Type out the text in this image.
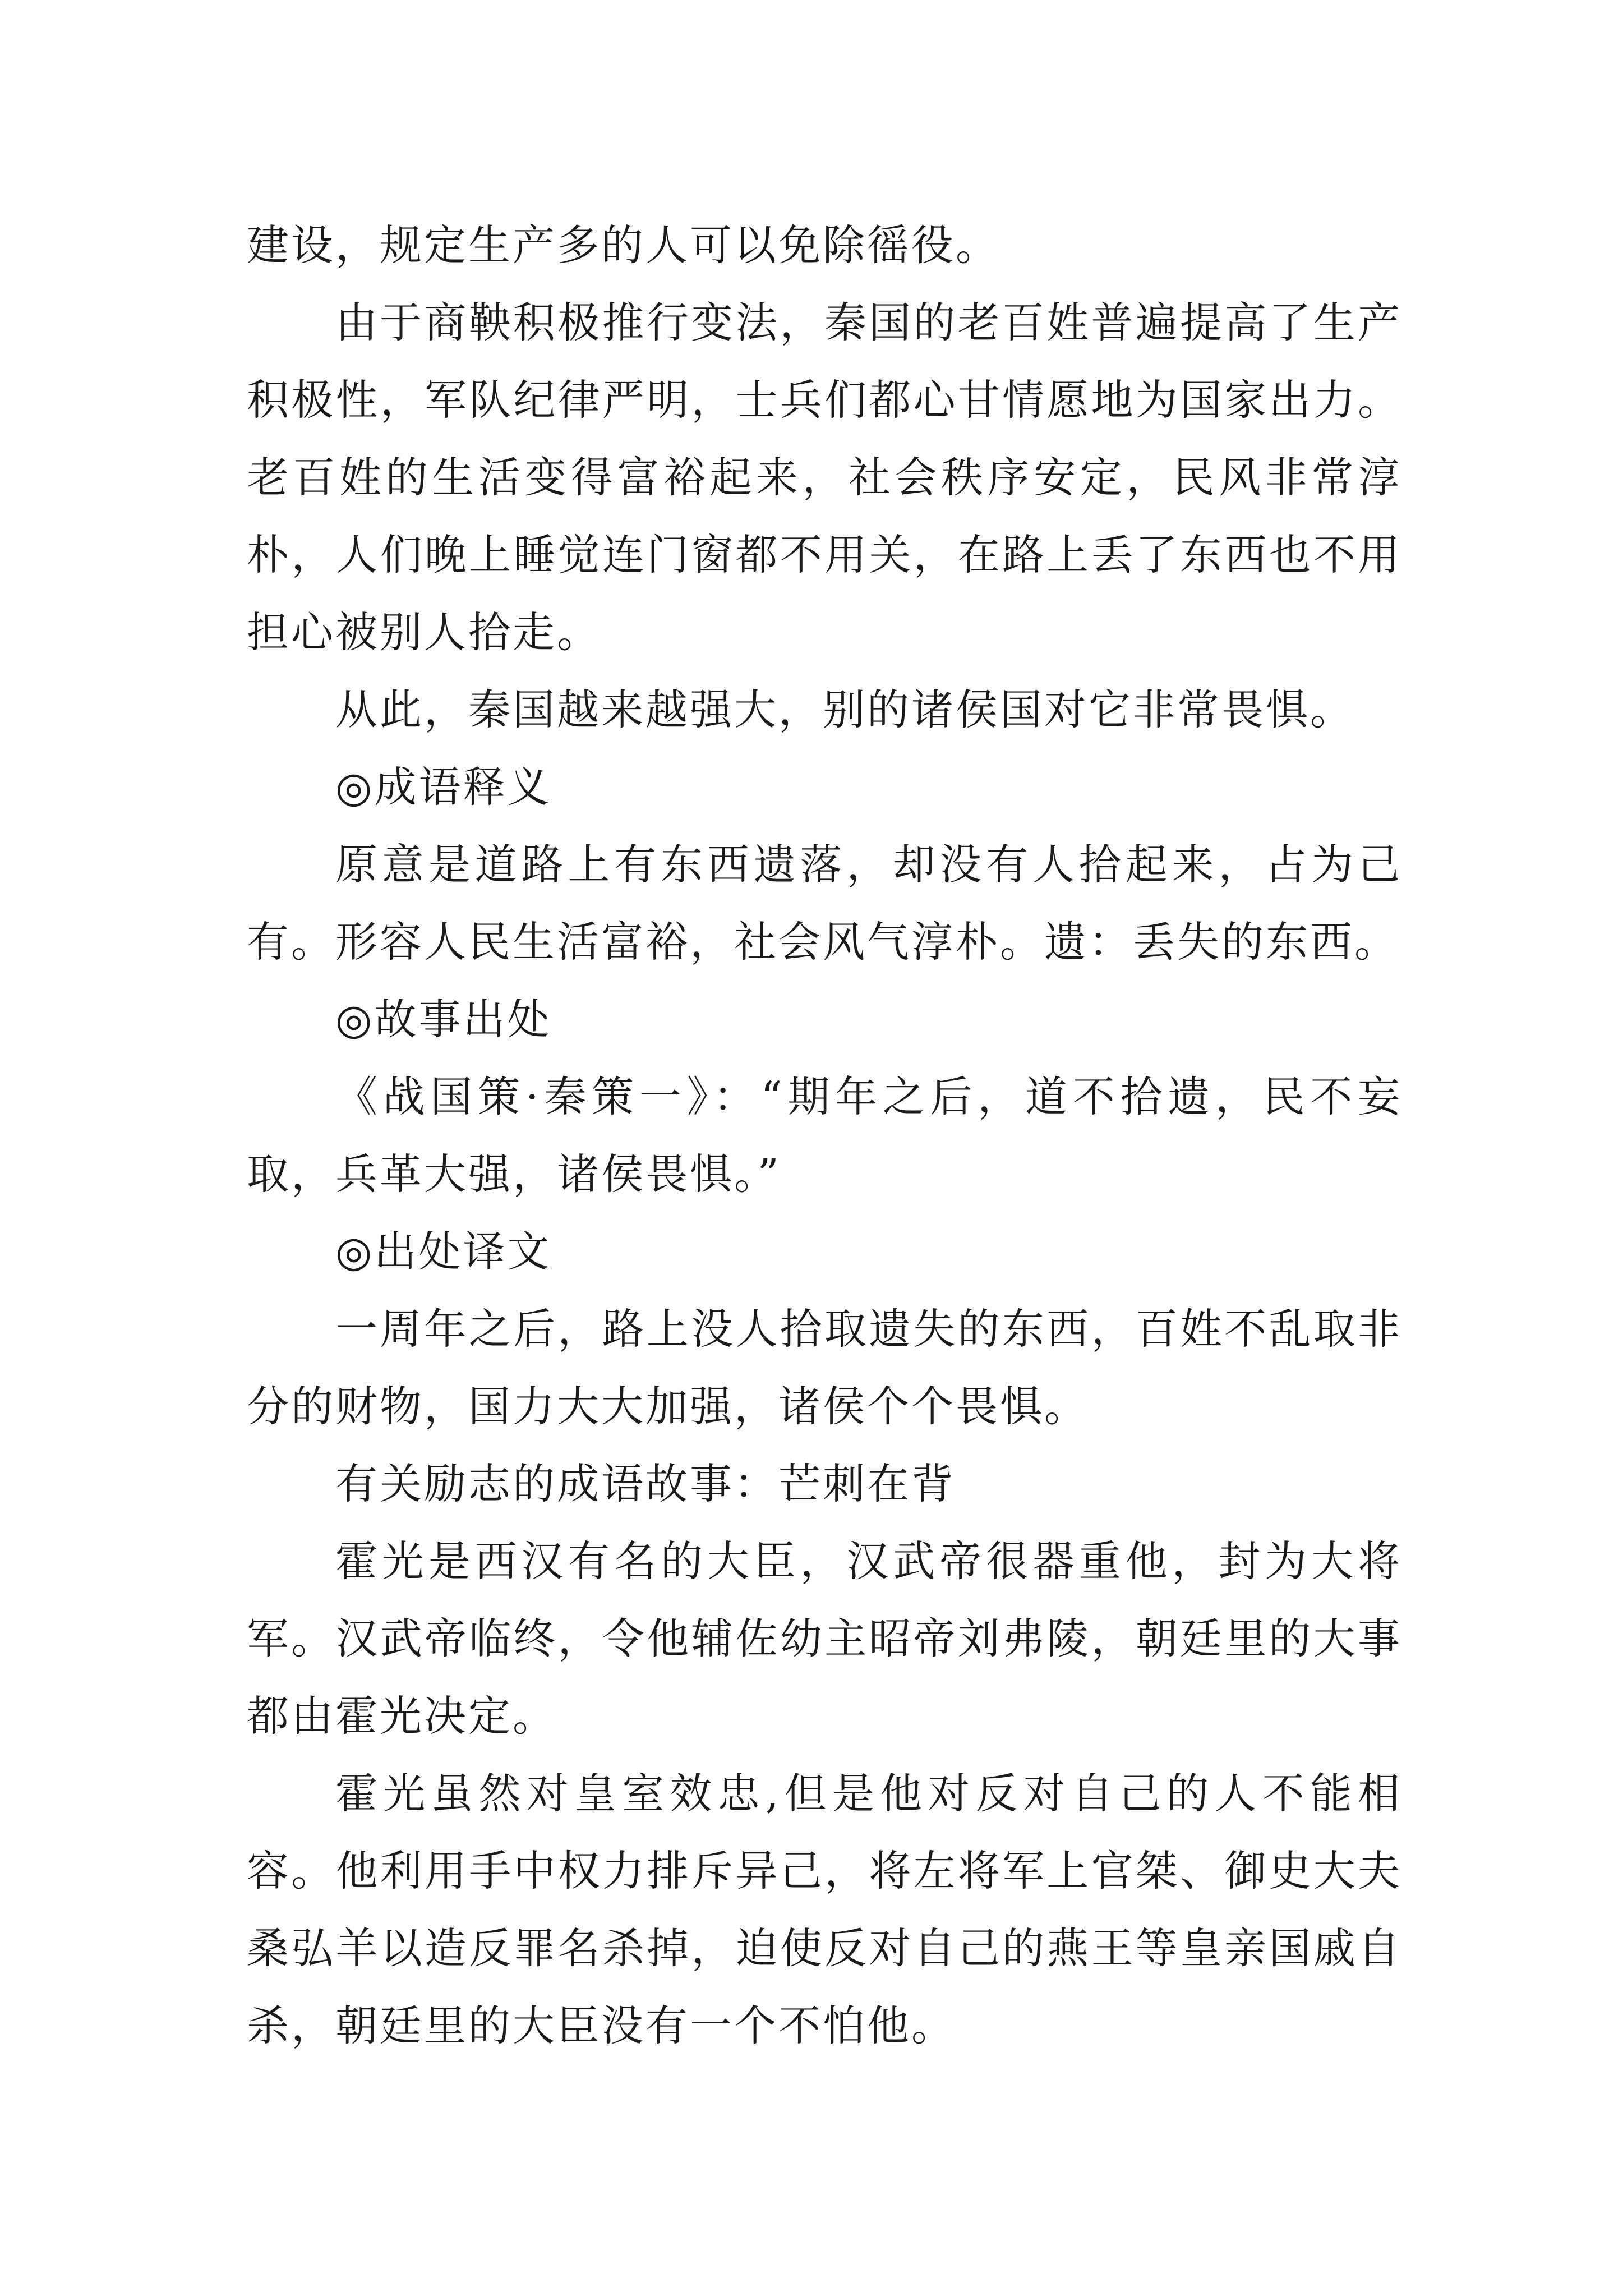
建设，规定生产多的人可以免除徭役。

由于商鞅积极推行变法，秦国的老百姓普遍提高了生产积极性，军队纪律严明，士兵们都心甘情愿地为国家出力。老百姓的生活变得富裕起来，社会秩序安定，民风非常淳朴，人们晚上睡觉连门窗都不用关，在路上丢了东西也不用担心被别人拾走。

从此，秦国越来越强大，别的诸侯国对它非常畏惧。

◎成语释义

原意是道路上有东西遗落，却没有人拾起来，占为己有。形容人民生活富裕，社会风气淳朴。遗：丢失的东西。

◎故事出处

《战国策·秦策一》：“期年之后，道不拾遗，民不妄取，兵革大强，诸侯畏惧。”

◎出处译文

一周年之后，路上没人拾取遗失的东西，百姓不乱取非分的财物，国力大大加强，诸侯个个畏惧。

有关励志的成语故事：芒刺在背

霍光是西汉有名的大臣，汉武帝很器重他，封为大将军。汉武帝临终，令他辅佐幼主昭帝刘弗陵，朝廷里的大事都由霍光决定。

霍光虽然对皇室效忠,但是他对反对自己的人不能相容。他利用手中权力排斥异己，将左将军上官桀、御史大夫桑弘羊以造反罪名杀掉，迫使反对自己的燕王等皇亲国戚自杀，朝廷里的大臣没有一个不怕他。
